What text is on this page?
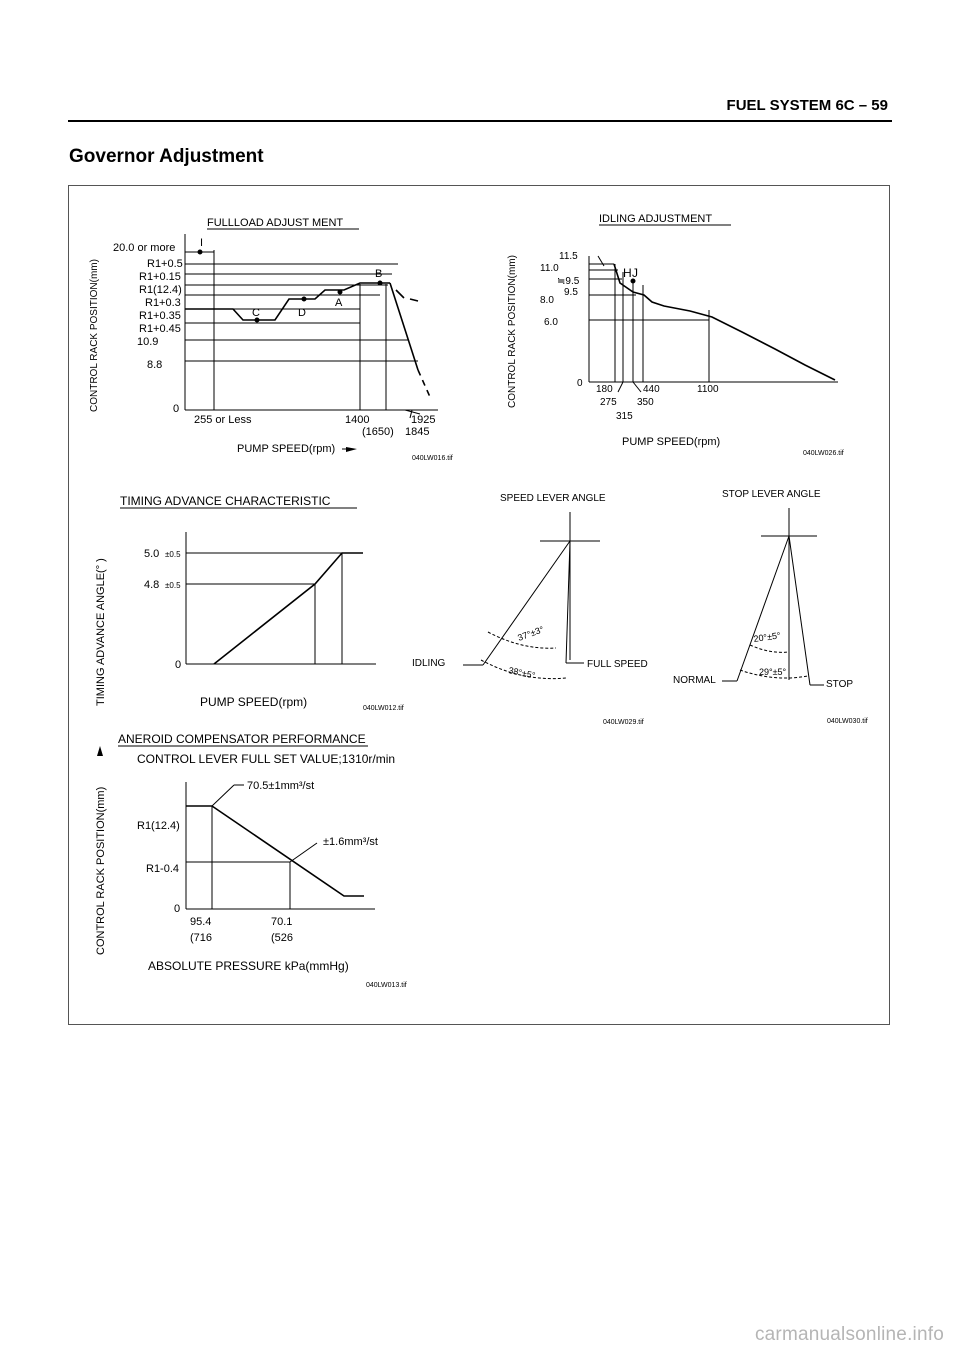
FUEL SYSTEM 6C – 59
Governor Adjustment
FULLLOAD ADJUST MENT
CONTROL RACK POSITION(mm)
20.0 or more
R1+0.5
R1+0.15
R1(12.4)
R1+0.3
R1+0.35
R1+0.45
10.9
8.8
0
255 or Less	1400
(1650)
1925
1845
I
B
A
C	D
PUMP SPEED(rpm)
040LW016.tif
IDLING ADJUSTMENT
CONTROL RACK POSITION(mm)	11.5
11.0
≒9.5
9.5
8.0
6.0
0
180
275
315
440
350
1100
H J
PUMP SPEED(rpm)
040LW026.tif
TIMING ADVANCE CHARACTERISTIC
TIMING ADVANCE ANGLE(° )
5.0 ±0.5
4.8 ±0.5
0
PUMP SPEED(rpm)	040LW012.tif
SPEED LEVER ANGLE
IDLING	FULL SPEED
37°±3°
38°±5°
040LW029.tif
STOP LEVER ANGLE
NORMAL	STOP
20°±5°
29°±5°
040LW030.tif
ANEROID COMPENSATOR PERFORMANCE
CONTROL LEVER FULL SET VALUE;1310r/min
CONTROL RACK POSITION(mm)	R1(12.4)
R1-0.4
0
95.4
(716
70.1
(526
70.5±1mm³/st
±1.6mm³/st
ABSOLUTE PRESSURE kPa(mmHg)
040LW013.tif
carmanualsonline.info
